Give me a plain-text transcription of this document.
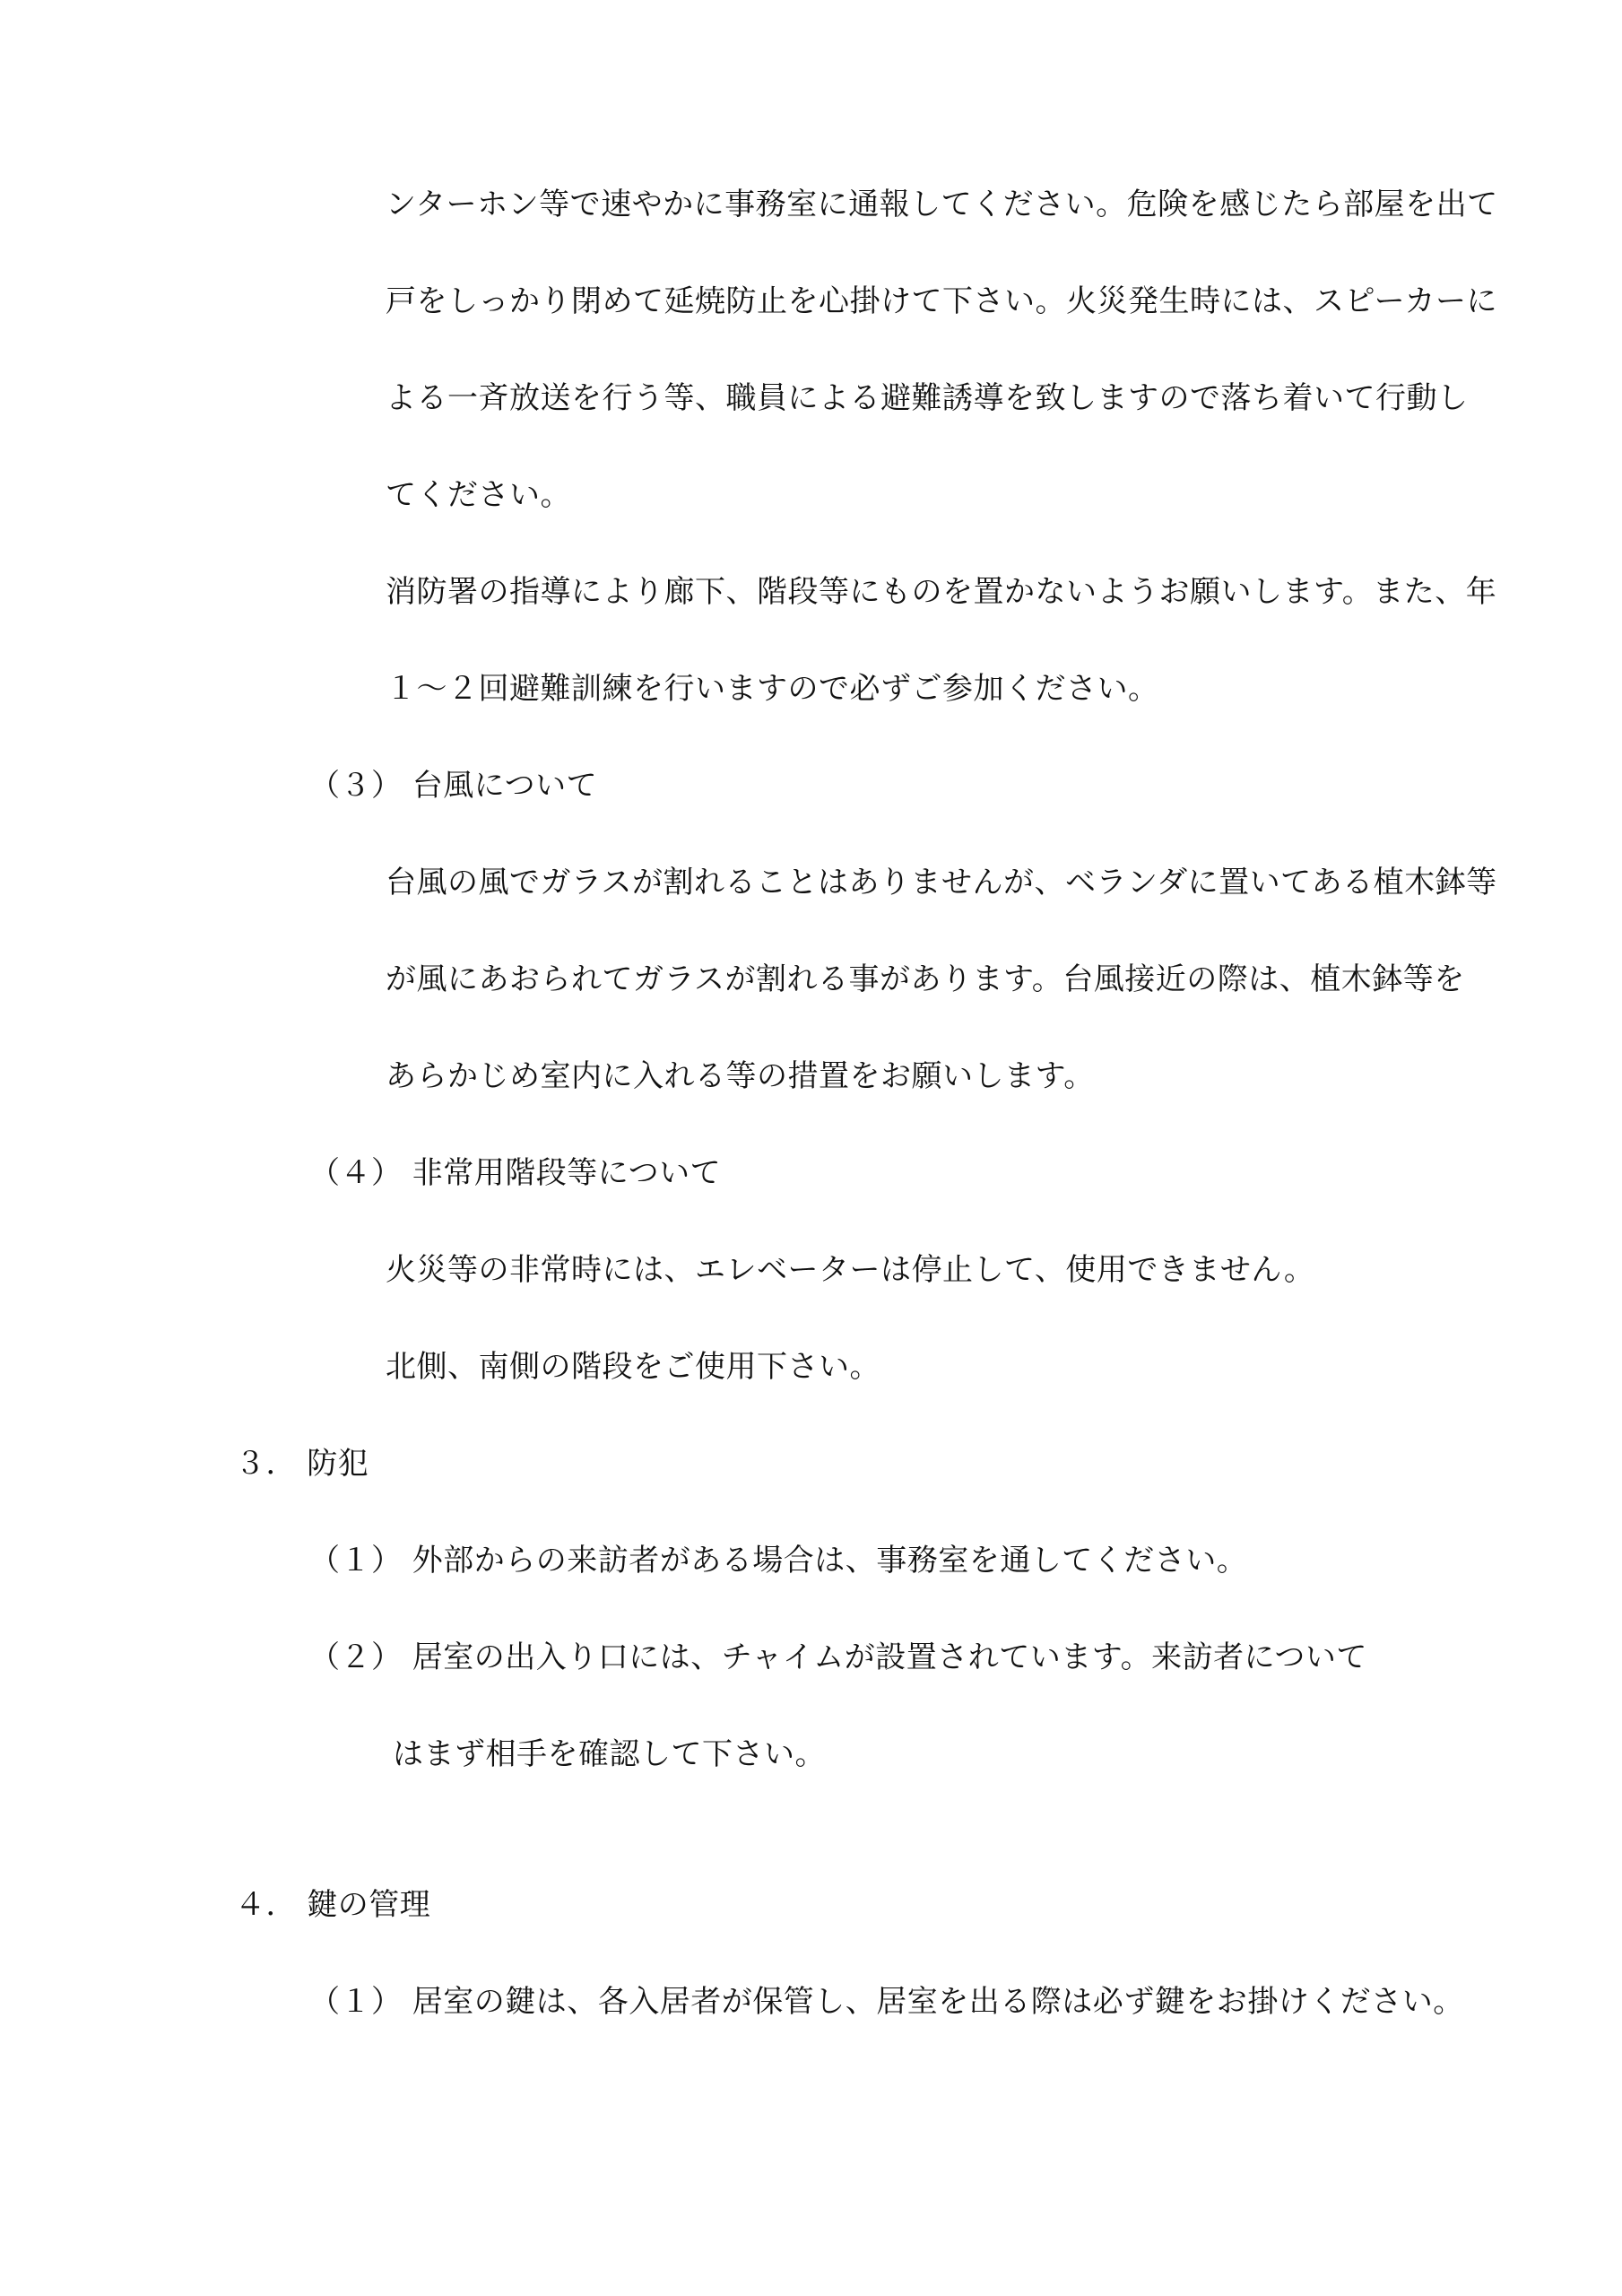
ンターホン等で速やかに事務室に通報してください。危険を感じたら部屋を出て
戸をしっかり閉めて延焼防止を心掛けて下さい。火災発生時には、スピーカーに
よる一斉放送を行う等、職員による避難誘導を致しますので落ち着いて行動し
てください。
消防署の指導により廊下、階段等にものを置かないようお願いします。また、年
１～２回避難訓練を行いますので必ずご参加ください。
（３） 台風について
台風の風でガラスが割れることはありませんが、ベランダに置いてある植木鉢等
が風にあおられてガラスが割れる事があります。台風接近の際は、植木鉢等を
あらかじめ室内に入れる等の措置をお願いします。
（４） 非常用階段等について
火災等の非常時には、エレベーターは停止して、使用できません。
北側、南側の階段をご使用下さい。
３． 防犯
（１） 外部からの来訪者がある場合は、事務室を通してください。
（２） 居室の出入り口には、チャイムが設置されています。来訪者について
はまず相手を確認して下さい。
４． 鍵の管理
（１） 居室の鍵は、各入居者が保管し、居室を出る際は必ず鍵をお掛けください。
